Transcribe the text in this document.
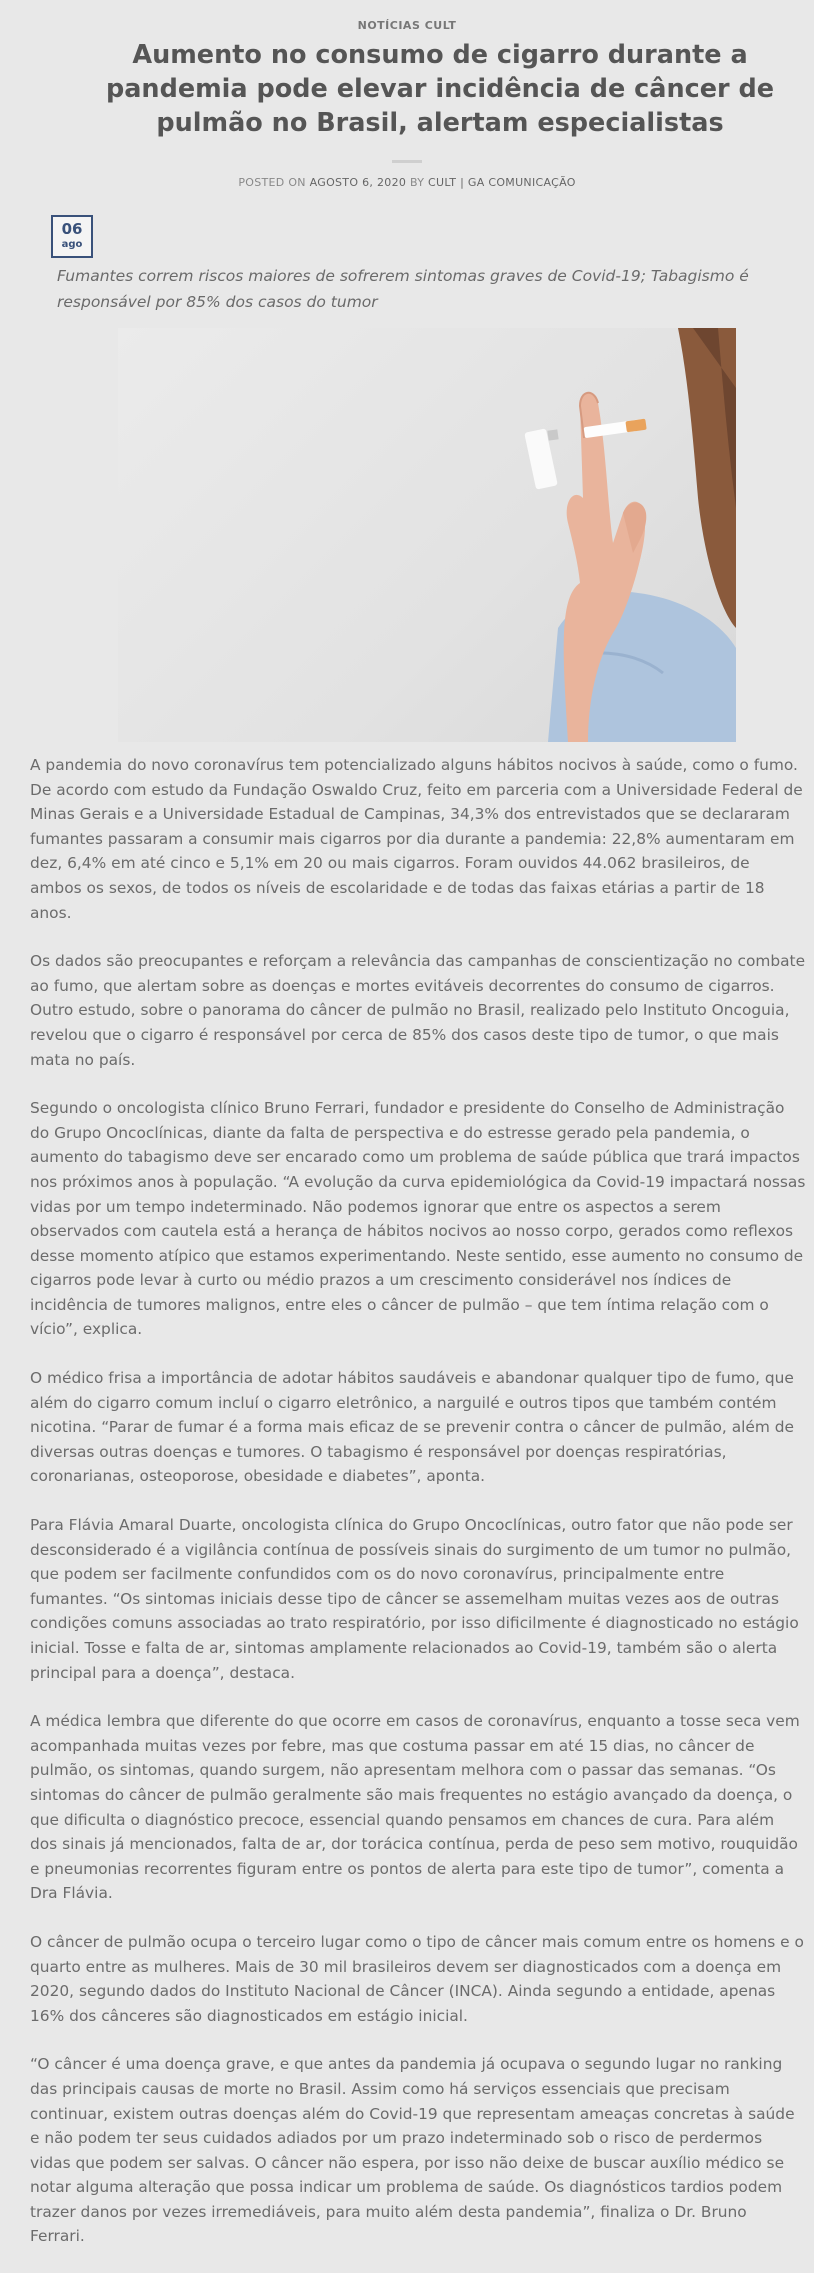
NOTÍCIAS CULT
Aumento no consumo de cigarro durante a pandemia pode elevar incidência de câncer de pulmão no Brasil, alertam especialistas
POSTED ON AGOSTO 6, 2020 BY CULT | GA COMUNICAÇÃO
06
ago

Fumantes correm riscos maiores de sofrerem sintomas graves de Covid-19; Tabagismo é responsável por 85% dos casos do tumor

A pandemia do novo coronavírus tem potencializado alguns hábitos nocivos à saúde, como o fumo. De acordo com estudo da Fundação Oswaldo Cruz, feito em parceria com a Universidade Federal de Minas Gerais e a Universidade Estadual de Campinas, 34,3% dos entrevistados que se declararam fumantes passaram a consumir mais cigarros por dia durante a pandemia: 22,8% aumentaram em dez, 6,4% em até cinco e 5,1% em 20 ou mais cigarros. Foram ouvidos 44.062 brasileiros, de ambos os sexos, de todos os níveis de escolaridade e de todas das faixas etárias a partir de 18 anos.

Os dados são preocupantes e reforçam a relevância das campanhas de conscientização no combate ao fumo, que alertam sobre as doenças e mortes evitáveis decorrentes do consumo de cigarros. Outro estudo, sobre o panorama do câncer de pulmão no Brasil, realizado pelo Instituto Oncoguia, revelou que o cigarro é responsável por cerca de 85% dos casos deste tipo de tumor, o que mais mata no país.

Segundo o oncologista clínico Bruno Ferrari, fundador e presidente do Conselho de Administração do Grupo Oncoclínicas, diante da falta de perspectiva e do estresse gerado pela pandemia, o aumento do tabagismo deve ser encarado como um problema de saúde pública que trará impactos nos próximos anos à população. “A evolução da curva epidemiológica da Covid-19 impactará nossas vidas por um tempo indeterminado. Não podemos ignorar que entre os aspectos a serem observados com cautela está a herança de hábitos nocivos ao nosso corpo, gerados como reflexos desse momento atípico que estamos experimentando. Neste sentido, esse aumento no consumo de cigarros pode levar à curto ou médio prazos a um crescimento considerável nos índices de incidência de tumores malignos, entre eles o câncer de pulmão – que tem íntima relação com o vício”, explica.

O médico frisa a importância de adotar hábitos saudáveis e abandonar qualquer tipo de fumo, que além do cigarro comum incluí o cigarro eletrônico, a narguilé e outros tipos que também contém nicotina. “Parar de fumar é a forma mais eficaz de se prevenir contra o câncer de pulmão, além de diversas outras doenças e tumores. O tabagismo é responsável por doenças respiratórias, coronarianas, osteoporose, obesidade e diabetes”, aponta.

Para Flávia Amaral Duarte, oncologista clínica do Grupo Oncoclínicas, outro fator que não pode ser desconsiderado é a vigilância contínua de possíveis sinais do surgimento de um tumor no pulmão, que podem ser facilmente confundidos com os do novo coronavírus, principalmente entre fumantes. “Os sintomas iniciais desse tipo de câncer se assemelham muitas vezes aos de outras condições comuns associadas ao trato respiratório, por isso dificilmente é diagnosticado no estágio inicial. Tosse e falta de ar, sintomas amplamente relacionados ao Covid-19, também são o alerta principal para a doença”, destaca.

A médica lembra que diferente do que ocorre em casos de coronavírus, enquanto a tosse seca vem acompanhada muitas vezes por febre, mas que costuma passar em até 15 dias, no câncer de pulmão, os sintomas, quando surgem, não apresentam melhora com o passar das semanas. “Os sintomas do câncer de pulmão geralmente são mais frequentes no estágio avançado da doença, o que dificulta o diagnóstico precoce, essencial quando pensamos em chances de cura. Para além dos sinais já mencionados, falta de ar, dor torácica contínua, perda de peso sem motivo, rouquidão e pneumonias recorrentes figuram entre os pontos de alerta para este tipo de tumor”, comenta a Dra Flávia.

O câncer de pulmão ocupa o terceiro lugar como o tipo de câncer mais comum entre os homens e o quarto entre as mulheres. Mais de 30 mil brasileiros devem ser diagnosticados com a doença em 2020, segundo dados do Instituto Nacional de Câncer (INCA). Ainda segundo a entidade, apenas 16% dos cânceres são diagnosticados em estágio inicial.

“O câncer é uma doença grave, e que antes da pandemia já ocupava o segundo lugar no ranking das principais causas de morte no Brasil. Assim como há serviços essenciais que precisam continuar, existem outras doenças além do Covid-19 que representam ameaças concretas à saúde e não podem ter seus cuidados adiados por um prazo indeterminado sob o risco de perdermos vidas que podem ser salvas. O câncer não espera, por isso não deixe de buscar auxílio médico se notar alguma alteração que possa indicar um problema de saúde. Os diagnósticos tardios podem trazer danos por vezes irremediáveis, para muito além desta pandemia”, finaliza o Dr. Bruno Ferrari.
